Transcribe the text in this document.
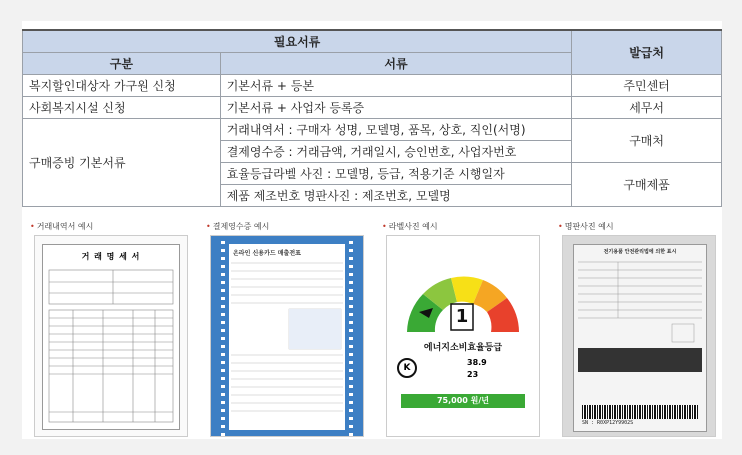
필요서류		발급처
구분	서류	
복지할인대상자 가구원 신청	기본서류 + 등본	주민센터
사회복지시설 신청	기본서류 + 사업자 등록증	세무서
구매증빙 기본서류	거래내역서 : 구매자 성명, 모델명, 품목, 상호, 직인(서명)	구매처
	결제영수증 : 거래금액, 거래일시, 승인번호, 사업자번호	
	효율등급라벨 사진 : 모델명, 등급, 적용기준 시행일자	구매제품
	제품 제조번호 명판사진 : 제조번호, 모델명	
• 거래내역서 예시
거 래 명 세 서
• 결제영수증 예시
온라인 신용카드 매출전표
• 라벨사진 예시
1
에너지소비효율등급
K
38.9
23
75,000 원/년
• 명판사진 예시
전기용품 안전관리법에 의한 표시
SN : R0XP12Y9902S
